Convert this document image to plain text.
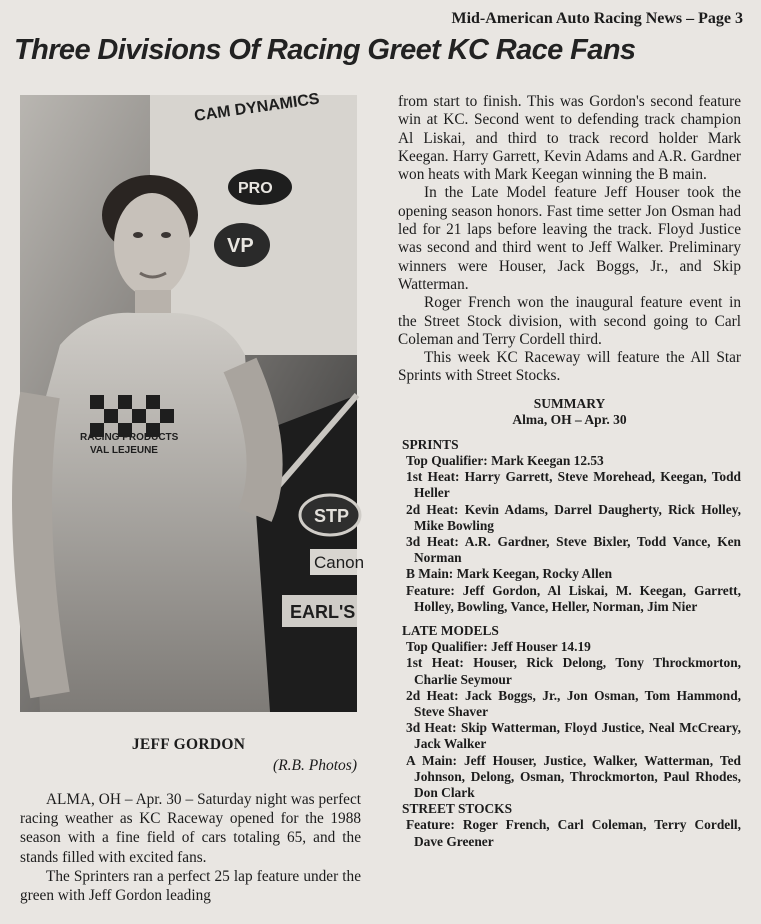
Mid-American Auto Racing News – Page 3
Three Divisions Of Racing Greet KC Race Fans
CAM DYNAMICS
PRO
VP
STP
Canon
EARL'S
RACING PRODUCTS
VAL LEJEUNE
JEFF GORDON
(R.B. Photos)

ALMA, OH – Apr. 30 – Saturday night was perfect racing weather as KC Raceway opened for the 1988 season with a fine field of cars totaling 65, and the stands filled with excited fans.

The Sprinters ran a perfect 25 lap feature under the green with Jeff Gordon leading

from start to finish. This was Gordon's second feature win at KC. Second went to defending track champion Al Liskai, and third to track record holder Mark Keegan. Harry Garrett, Kevin Adams and A.R. Gardner won heats with Mark Keegan winning the B main.

In the Late Model feature Jeff Houser took the opening season honors. Fast time setter Jon Osman had led for 21 laps before leaving the track. Floyd Justice was second and third went to Jeff Walker. Preliminary winners were Houser, Jack Boggs, Jr., and Skip Watterman.

Roger French won the inaugural feature event in the Street Stock division, with second going to Carl Coleman and Terry Cordell third.

This week KC Raceway will feature the All Star Sprints with Street Stocks.

SUMMARY
Alma, OH – Apr. 30
SPRINTS
Top Qualifier: Mark Keegan 12.53
1st Heat: Harry Garrett, Steve Morehead, Keegan, Todd Heller
2d Heat: Kevin Adams, Darrel Daugherty, Rick Holley, Mike Bowling
3d Heat: A.R. Gardner, Steve Bixler, Todd Vance, Ken Norman
B Main: Mark Keegan, Rocky Allen
Feature: Jeff Gordon, Al Liskai, M. Keegan, Garrett, Holley, Bowling, Vance, Heller, Norman, Jim Nier
LATE MODELS
Top Qualifier: Jeff Houser 14.19
1st Heat: Houser, Rick Delong, Tony Throckmorton, Charlie Seymour
2d Heat: Jack Boggs, Jr., Jon Osman, Tom Hammond, Steve Shaver
3d Heat: Skip Watterman, Floyd Justice, Neal McCreary, Jack Walker
A Main: Jeff Houser, Justice, Walker, Watterman, Ted Johnson, Delong, Osman, Throckmorton, Paul Rhodes, Don Clark
STREET STOCKS
Feature: Roger French, Carl Coleman, Terry Cordell, Dave Greener
